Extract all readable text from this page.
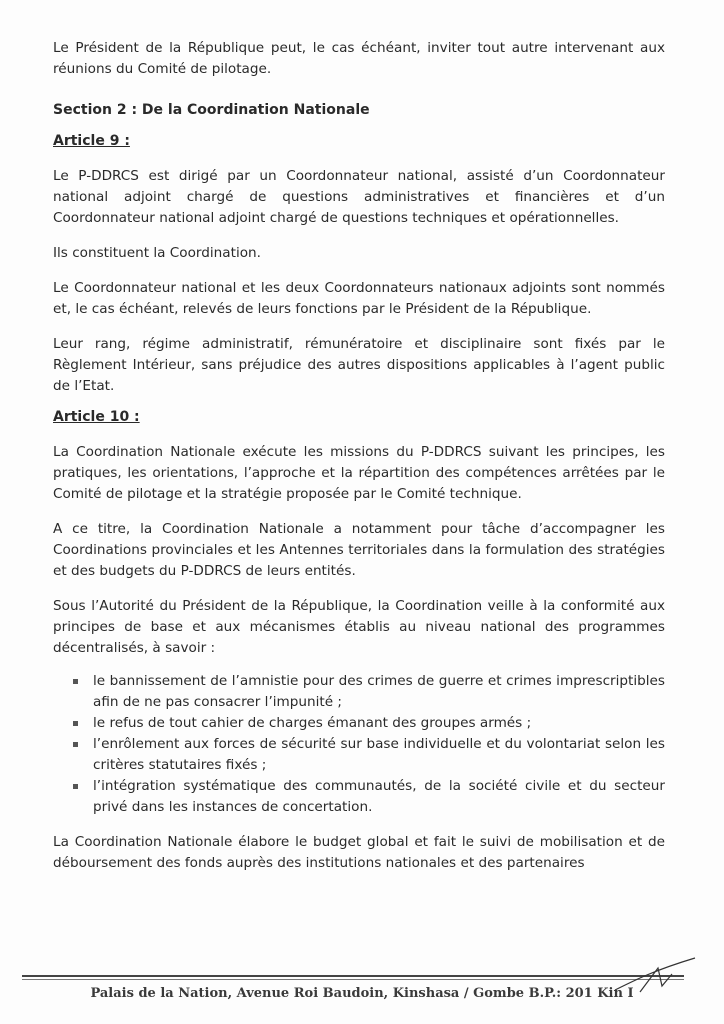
Le Président de la République peut, le cas échéant, inviter tout autre intervenant aux réunions du Comité de pilotage.

Section 2 : De la Coordination Nationale

Article 9 :

Le P-DDRCS est dirigé par un Coordonnateur national, assisté d’un Coordonnateur national adjoint chargé de questions administratives et financières et d’un Coordonnateur national adjoint chargé de questions techniques et opérationnelles.

Ils constituent la Coordination.

Le Coordonnateur national et les deux Coordonnateurs nationaux adjoints sont nommés et, le cas échéant, relevés de leurs fonctions par le Président de la République.

Leur rang, régime administratif, rémunératoire et disciplinaire sont fixés par le Règlement Intérieur, sans préjudice des autres dispositions applicables à l’agent public de l’Etat.

Article 10 :

La Coordination Nationale exécute les missions du P-DDRCS suivant les principes, les pratiques, les orientations, l’approche et la répartition des compétences arrêtées par le Comité de pilotage et la stratégie proposée par le Comité technique.

A ce titre, la Coordination Nationale a notamment pour tâche d’accompagner les Coordinations provinciales et les Antennes territoriales dans la formulation des stratégies et des budgets du P-DDRCS de leurs entités.

Sous l’Autorité du Président de la République, la Coordination veille à la conformité aux principes de base et aux mécanismes établis au niveau national des programmes décentralisés, à savoir :

le bannissement de l’amnistie pour des crimes de guerre et crimes imprescriptibles afin de ne pas consacrer l’impunité ;
le refus de tout cahier de charges émanant des groupes armés ;
l’enrôlement aux forces de sécurité sur base individuelle et du volontariat selon les critères statutaires fixés ;
l’intégration systématique des communautés, de la société civile et du secteur privé dans les instances de concertation.

La Coordination Nationale élabore le budget global et fait le suivi de mobilisation et de déboursement des fonds auprès des institutions nationales et des partenaires

Palais de la Nation, Avenue Roi Baudoin, Kinshasa / Gombe B.P.: 201 Kin I
